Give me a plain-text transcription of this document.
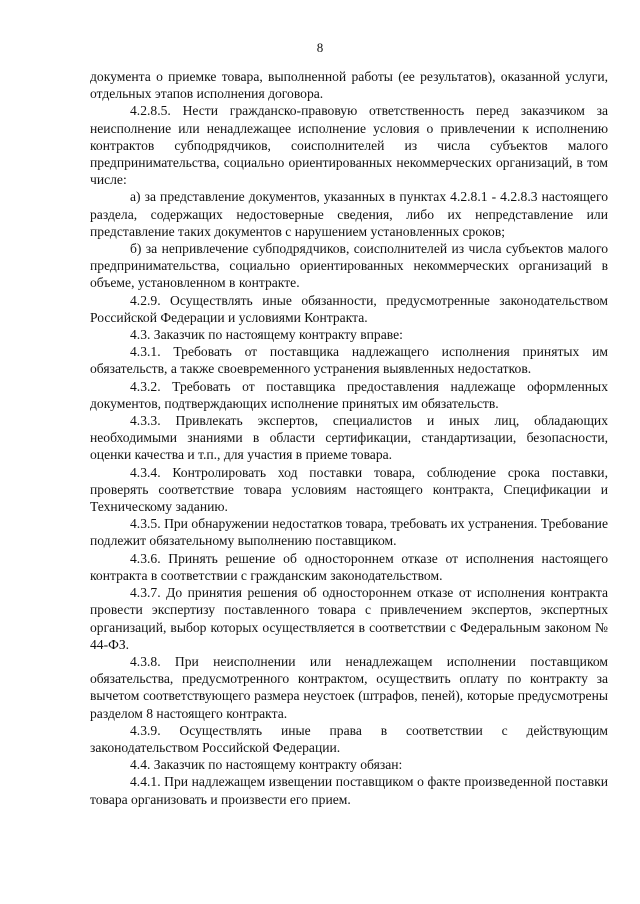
8

документа о приемке товара, выполненной работы (ее результатов), оказанной услуги, отдельных этапов исполнения договора.

4.2.8.5. Нести гражданско-правовую ответственность перед заказчиком за неисполнение или ненадлежащее исполнение условия о привлечении к исполнению контрактов субподрядчиков, соисполнителей из числа субъектов малого предпринимательства, социально ориентированных некоммерческих организаций, в том числе:

а) за представление документов, указанных в пунктах 4.2.8.1 - 4.2.8.3 настоящего раздела, содержащих недостоверные сведения, либо их непредставление или представление таких документов с нарушением установленных сроков;

б) за непривлечение субподрядчиков, соисполнителей из числа субъектов малого предпринимательства, социально ориентированных некоммерческих организаций в объеме, установленном в контракте.

4.2.9. Осуществлять иные обязанности, предусмотренные законодательством Российской Федерации и условиями Контракта.

4.3. Заказчик по настоящему контракту вправе:

4.3.1. Требовать от поставщика надлежащего исполнения принятых им обязательств, а также своевременного устранения выявленных недостатков.

4.3.2. Требовать от поставщика предоставления надлежаще оформленных документов, подтверждающих исполнение принятых им обязательств.

4.3.3. Привлекать экспертов, специалистов и иных лиц, обладающих необходимыми знаниями в области сертификации, стандартизации, безопасности, оценки качества и т.п., для участия в приеме товара.

4.3.4. Контролировать ход поставки товара, соблюдение срока поставки, проверять соответствие товара условиям настоящего контракта, Спецификации и Техническому заданию.

4.3.5. При обнаружении недостатков товара, требовать их устранения. Требование подлежит обязательному выполнению поставщиком.

4.3.6. Принять решение об одностороннем отказе от исполнения настоящего контракта в соответствии с гражданским законодательством.

4.3.7. До принятия решения об одностороннем отказе от исполнения контракта провести экспертизу поставленного товара с привлечением экспертов, экспертных организаций, выбор которых осуществляется в соответствии с Федеральным законом № 44-ФЗ.

4.3.8. При неисполнении или ненадлежащем исполнении поставщиком обязательства, предусмотренного контрактом, осуществить оплату по контракту за вычетом соответствующего размера неустоек (штрафов, пеней), которые предусмотрены разделом 8 настоящего контракта.

4.3.9. Осуществлять иные права в соответствии с действующим законодательством Российской Федерации.

4.4. Заказчик по настоящему контракту обязан:

4.4.1. При надлежащем извещении поставщиком о факте произведенной поставки товара организовать и произвести его прием.
